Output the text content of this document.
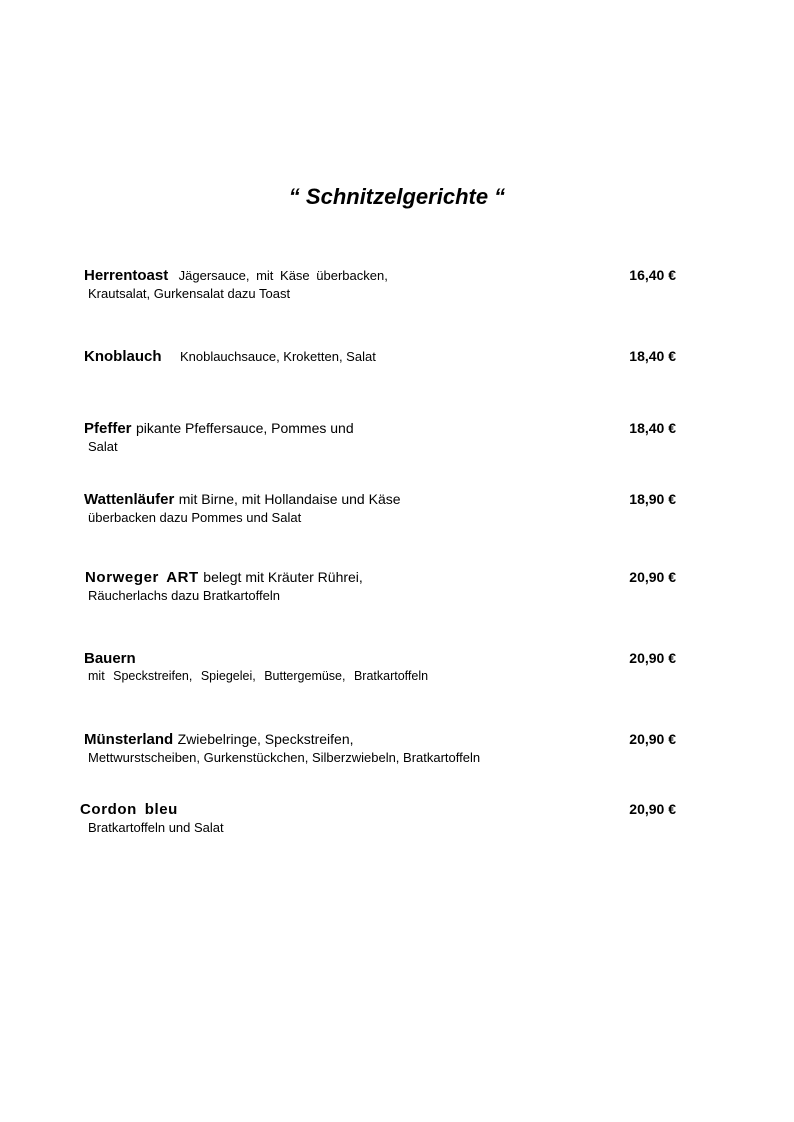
“ Schnitzelgerichte “
Herrentoast Jägersauce, mit Käse überbacken,	16,40 €
Krautsalat, Gurkensalat dazu Toast
Knoblauch Knoblauchsauce, Kroketten, Salat	18,40 €
Pfeffer pikante Pfeffersauce, Pommes und	18,40 €
Salat
Wattenläufer mit Birne, mit Hollandaise und Käse	18,90 €
überbacken dazu Pommes und Salat
Norweger ART belegt mit Kräuter Rührei,	20,90 €
Räucherlachs dazu Bratkartoffeln
Bauern	20,90 €
mit Speckstreifen, Spiegelei, Buttergemüse, Bratkartoffeln
Münsterland Zwiebelringe, Speckstreifen,	20,90 €
Mettwurstscheiben, Gurkenstückchen, Silberzwiebeln, Bratkartoffeln
Cordon bleu	20,90 €
Bratkartoffeln und Salat
